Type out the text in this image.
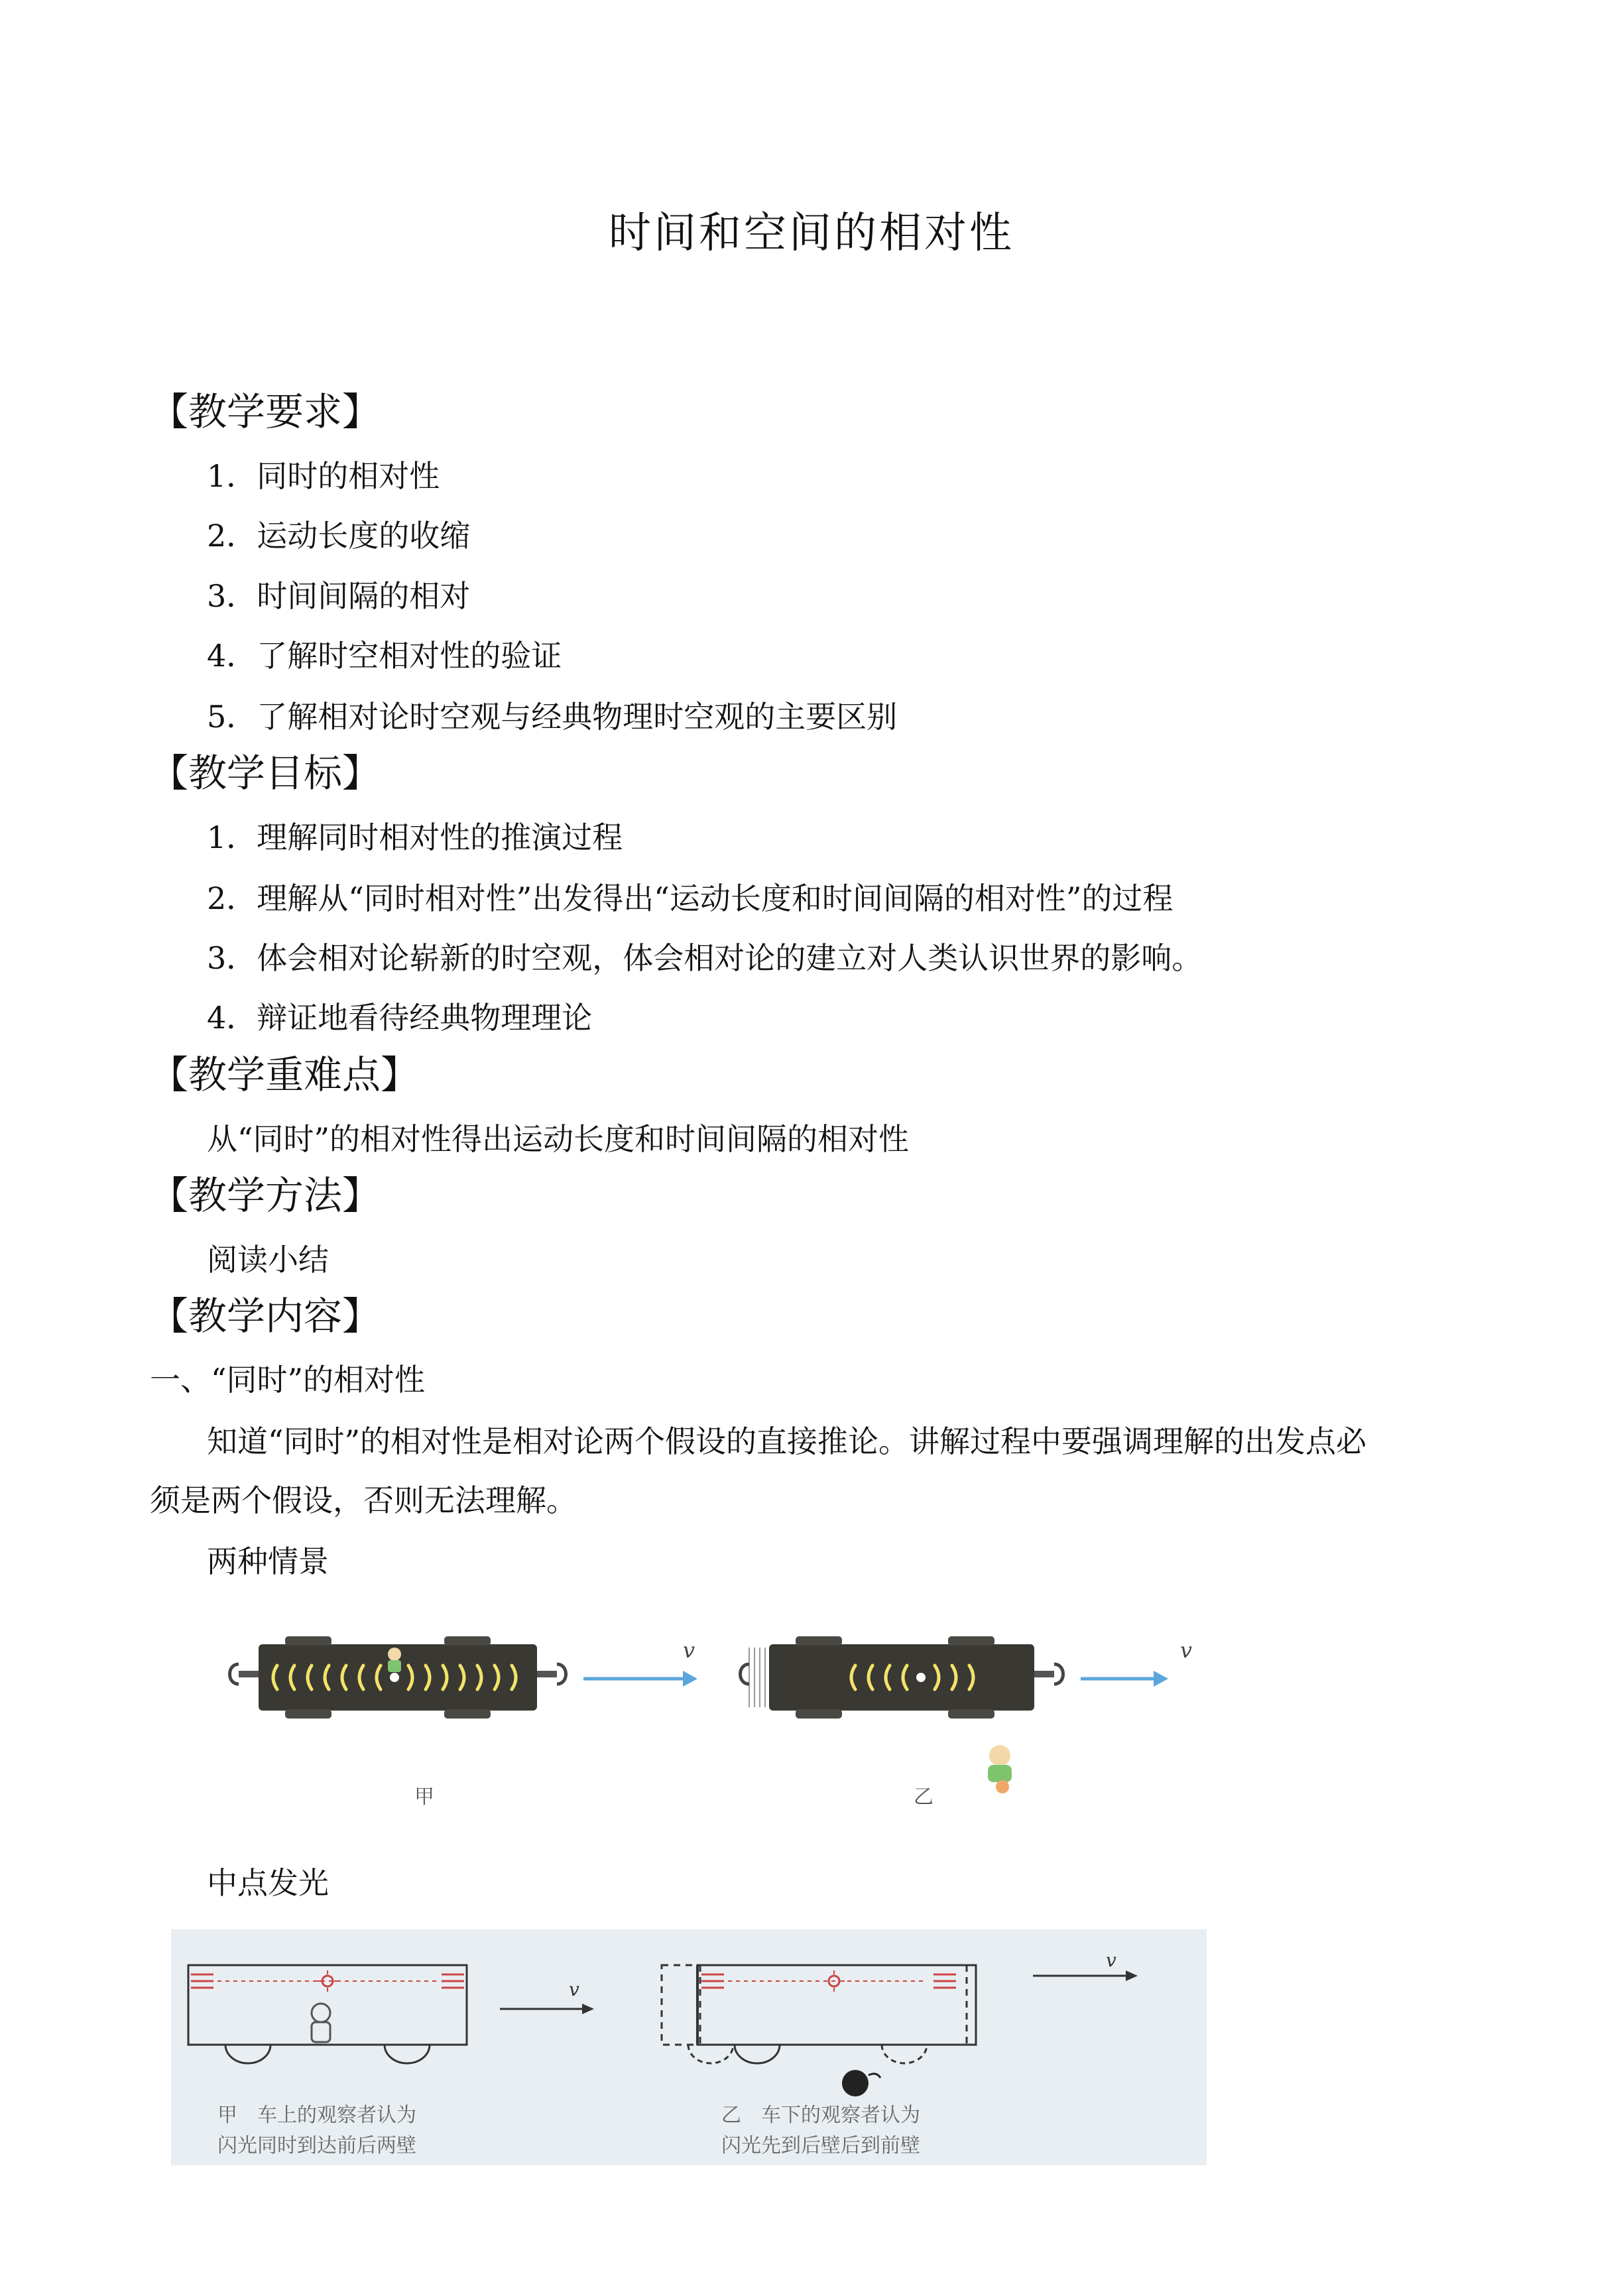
时间和空间的相对性
【教学要求】
1．同时的相对性
2．运动长度的收缩
3．时间间隔的相对
4．了解时空相对性的验证
5．了解相对论时空观与经典物理时空观的主要区别
【教学目标】
1．理解同时相对性的推演过程
2．理解从“同时相对性”出发得出“运动长度和时间间隔的相对性”的过程
3．体会相对论崭新的时空观，体会相对论的建立对人类认识世界的影响。
4．辩证地看待经典物理理论
【教学重难点】
从“同时”的相对性得出运动长度和时间间隔的相对性
【教学方法】
阅读小结
【教学内容】
一、“同时”的相对性
知道“同时”的相对性是相对论两个假设的直接推论。讲解过程中要强调理解的出发点必
须是两个假设，否则无法理解。
两种情景
v
甲
v
乙
中点发光
v
v
甲　车上的观察者认为
闪光同时到达前后两壁
乙　车下的观察者认为
闪光先到后壁后到前壁
